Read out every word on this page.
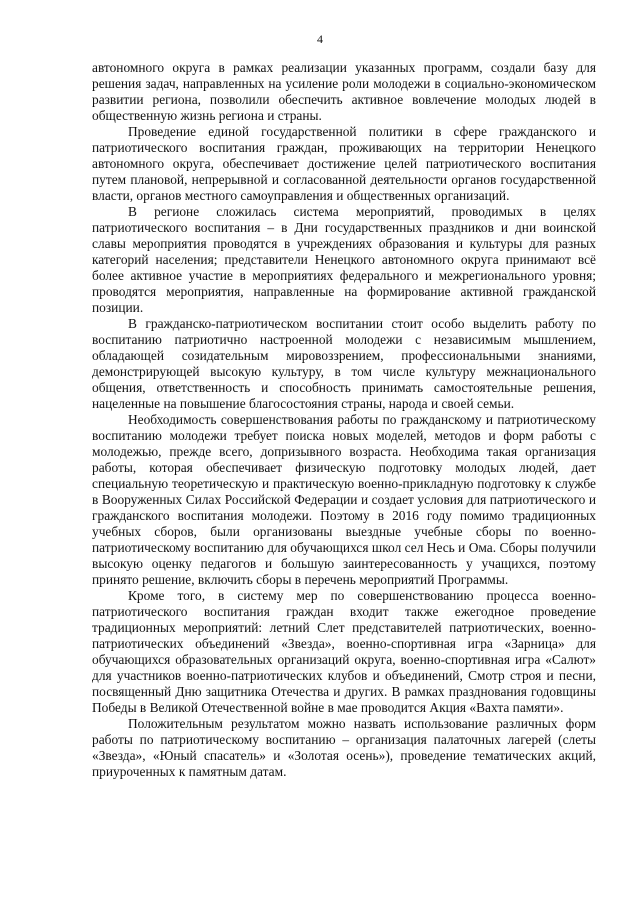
4

автономного округа в рамках реализации указанных программ, создали базу для решения задач, направленных на усиление роли молодежи в социально-экономическом развитии региона, позволили обеспечить активное вовлечение молодых людей в общественную жизнь региона и страны.

Проведение единой государственной политики в сфере гражданского и патриотического воспитания граждан, проживающих на территории Ненецкого автономного округа, обеспечивает достижение целей патриотического воспитания путем плановой, непрерывной и согласованной деятельности органов государственной власти, органов местного самоуправления и общественных организаций.

В регионе сложилась система мероприятий, проводимых в целях патриотического воспитания – в Дни государственных праздников и дни воинской славы мероприятия проводятся в учреждениях образования и культуры для разных категорий населения; представители Ненецкого автономного округа принимают всё более активное участие в мероприятиях федерального и межрегионального уровня; проводятся мероприятия, направленные на формирование активной гражданской позиции.

В гражданско-патриотическом воспитании стоит особо выделить работу по воспитанию патриотично настроенной молодежи с независимым мышлением, обладающей созидательным мировоззрением, профессиональными знаниями, демонстрирующей высокую культуру, в том числе культуру межнационального общения, ответственность и способность принимать самостоятельные решения, нацеленные на повышение благосостояния страны, народа и своей семьи.

Необходимость совершенствования работы по гражданскому и патриотическому воспитанию молодежи требует поиска новых моделей, методов и форм работы с молодежью, прежде всего, допризывного возраста. Необходима такая организация работы, которая обеспечивает физическую подготовку молодых людей, дает специальную теоретическую и практическую военно-прикладную подготовку к службе в Вооруженных Силах Российской Федерации и создает условия для патриотического и гражданского воспитания молодежи. Поэтому в 2016 году помимо традиционных учебных сборов, были организованы выездные учебные сборы по военно-патриотическому воспитанию для обучающихся школ сел Несь и Ома. Сборы получили высокую оценку педагогов и большую заинтересованность у учащихся, поэтому принято решение, включить сборы в перечень мероприятий Программы.

Кроме того, в систему мер по совершенствованию процесса военно-патриотического воспитания граждан входит также ежегодное проведение традиционных мероприятий: летний Слет представителей патриотических, военно-патриотических объединений «Звезда», военно-спортивная игра «Зарница» для обучающихся образовательных организаций округа, военно-спортивная игра «Салют» для участников военно-патриотических клубов и объединений, Смотр строя и песни, посвященный Дню защитника Отечества и других. В рамках празднования годовщины Победы в Великой Отечественной войне в мае проводится Акция «Вахта памяти».

Положительным результатом можно назвать использование различных форм работы по патриотическому воспитанию – организация палаточных лагерей (слеты «Звезда», «Юный спасатель» и «Золотая осень»), проведение тематических акций, приуроченных к памятным датам.
